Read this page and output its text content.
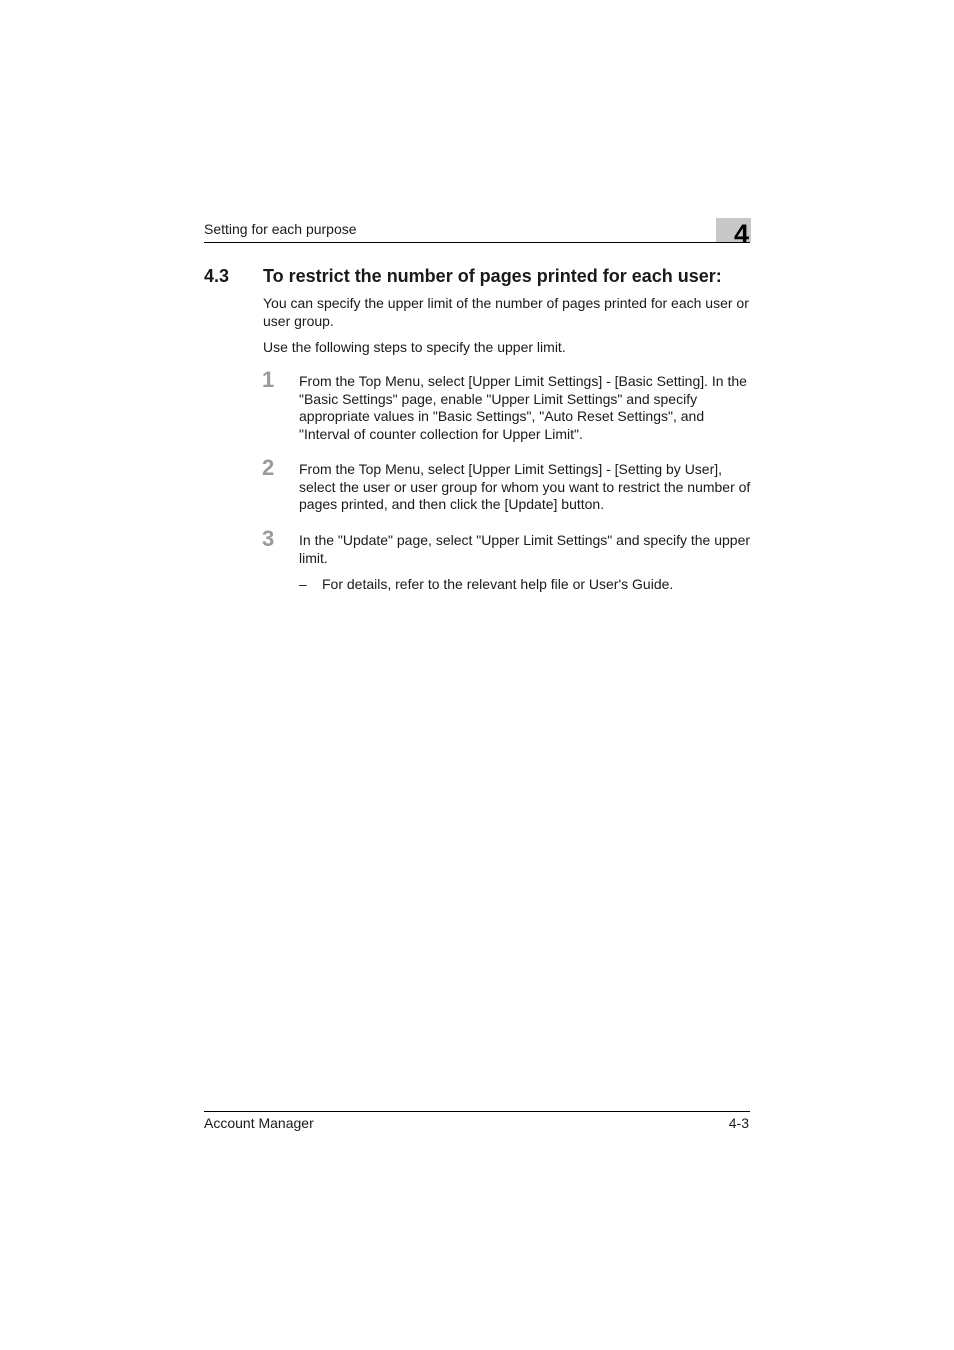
Setting for each purpose	4
4.3 To restrict the number of pages printed for each user:
You can specify the upper limit of the number of pages printed for each user or user group.
Use the following steps to specify the upper limit.
1 From the Top Menu, select [Upper Limit Settings] - [Basic Setting]. In the "Basic Settings" page, enable "Upper Limit Settings" and specify appropriate values in "Basic Settings", "Auto Reset Settings", and "Interval of counter collection for Upper Limit".
2 From the Top Menu, select [Upper Limit Settings] - [Setting by User], select the user or user group for whom you want to restrict the number of pages printed, and then click the [Update] button.
3 In the "Update" page, select "Upper Limit Settings" and specify the upper limit.
– For details, refer to the relevant help file or User's Guide.
Account Manager	4-3
